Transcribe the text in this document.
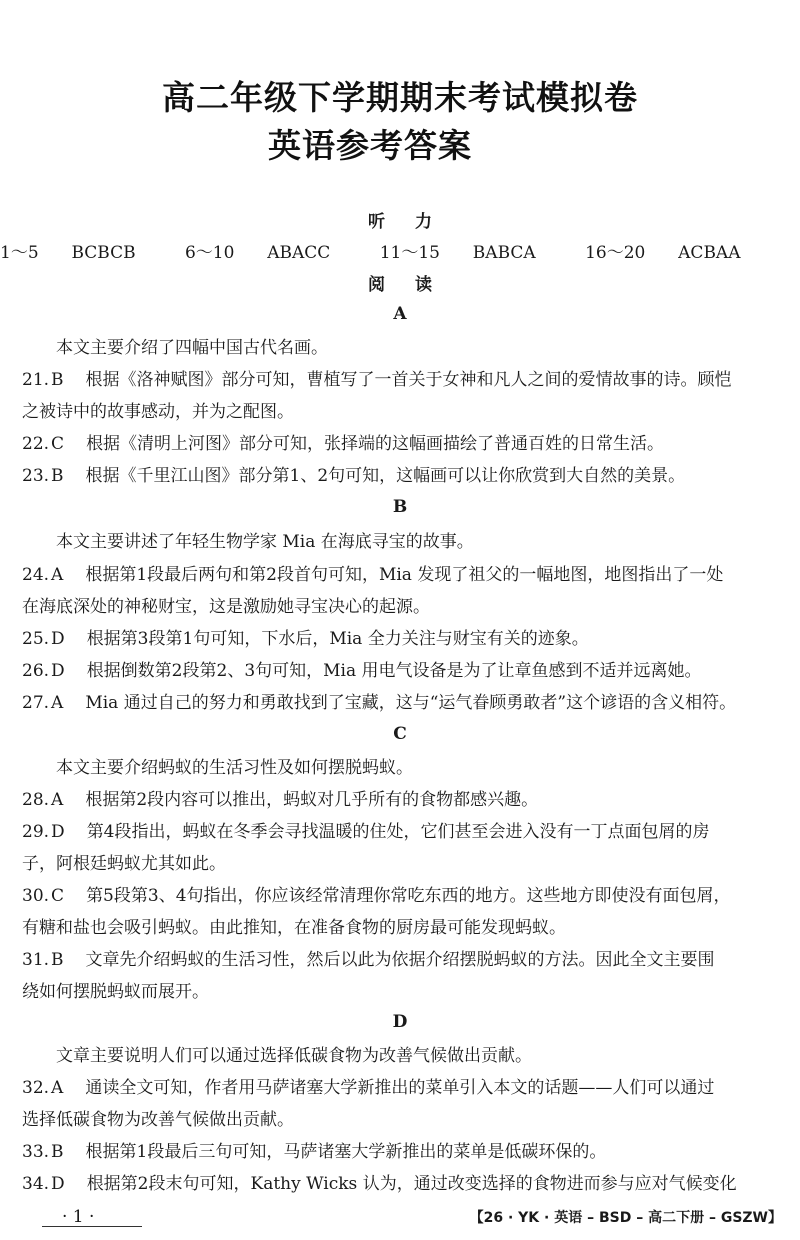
高二年级下学期期末考试模拟卷
英语参考答案
听力
1～5 BCBCB	6～10 ABACC	11～15 BABCA	16～20 ACBAA
阅读
A
本文主要介绍了四幅中国古代名画。
21. B 根据《洛神赋图》部分可知，曹植写了一首关于女神和凡人之间的爱情故事的诗。顾恺
之被诗中的故事感动，并为之配图。
22. C 根据《清明上河图》部分可知，张择端的这幅画描绘了普通百姓的日常生活。
23. B 根据《千里江山图》部分第1、2句可知，这幅画可以让你欣赏到大自然的美景。
B
本文主要讲述了年轻生物学家 Mia 在海底寻宝的故事。
24. A 根据第1段最后两句和第2段首句可知，Mia 发现了祖父的一幅地图，地图指出了一处
在海底深处的神秘财宝，这是激励她寻宝决心的起源。
25. D 根据第3段第1句可知，下水后，Mia 全力关注与财宝有关的迹象。
26. D 根据倒数第2段第2、3句可知，Mia 用电气设备是为了让章鱼感到不适并远离她。
27. A Mia 通过自己的努力和勇敢找到了宝藏，这与“运气眷顾勇敢者”这个谚语的含义相符。
C
本文主要介绍蚂蚁的生活习性及如何摆脱蚂蚁。
28. A 根据第2段内容可以推出，蚂蚁对几乎所有的食物都感兴趣。
29. D 第4段指出，蚂蚁在冬季会寻找温暖的住处，它们甚至会进入没有一丁点面包屑的房
子，阿根廷蚂蚁尤其如此。
30. C 第5段第3、4句指出，你应该经常清理你常吃东西的地方。这些地方即使没有面包屑，
有糖和盐也会吸引蚂蚁。由此推知，在准备食物的厨房最可能发现蚂蚁。
31. B 文章先介绍蚂蚁的生活习性，然后以此为依据介绍摆脱蚂蚁的方法。因此全文主要围
绕如何摆脱蚂蚁而展开。
D
文章主要说明人们可以通过选择低碳食物为改善气候做出贡献。
32. A 通读全文可知，作者用马萨诸塞大学新推出的菜单引入本文的话题——人们可以通过
选择低碳食物为改善气候做出贡献。
33. B 根据第1段最后三句可知，马萨诸塞大学新推出的菜单是低碳环保的。
34. D 根据第2段末句可知，Kathy Wicks 认为，通过改变选择的食物进而参与应对气候变化
· 1 ·	【26 · YK · 英语 – BSD – 高二下册 – GSZW】
